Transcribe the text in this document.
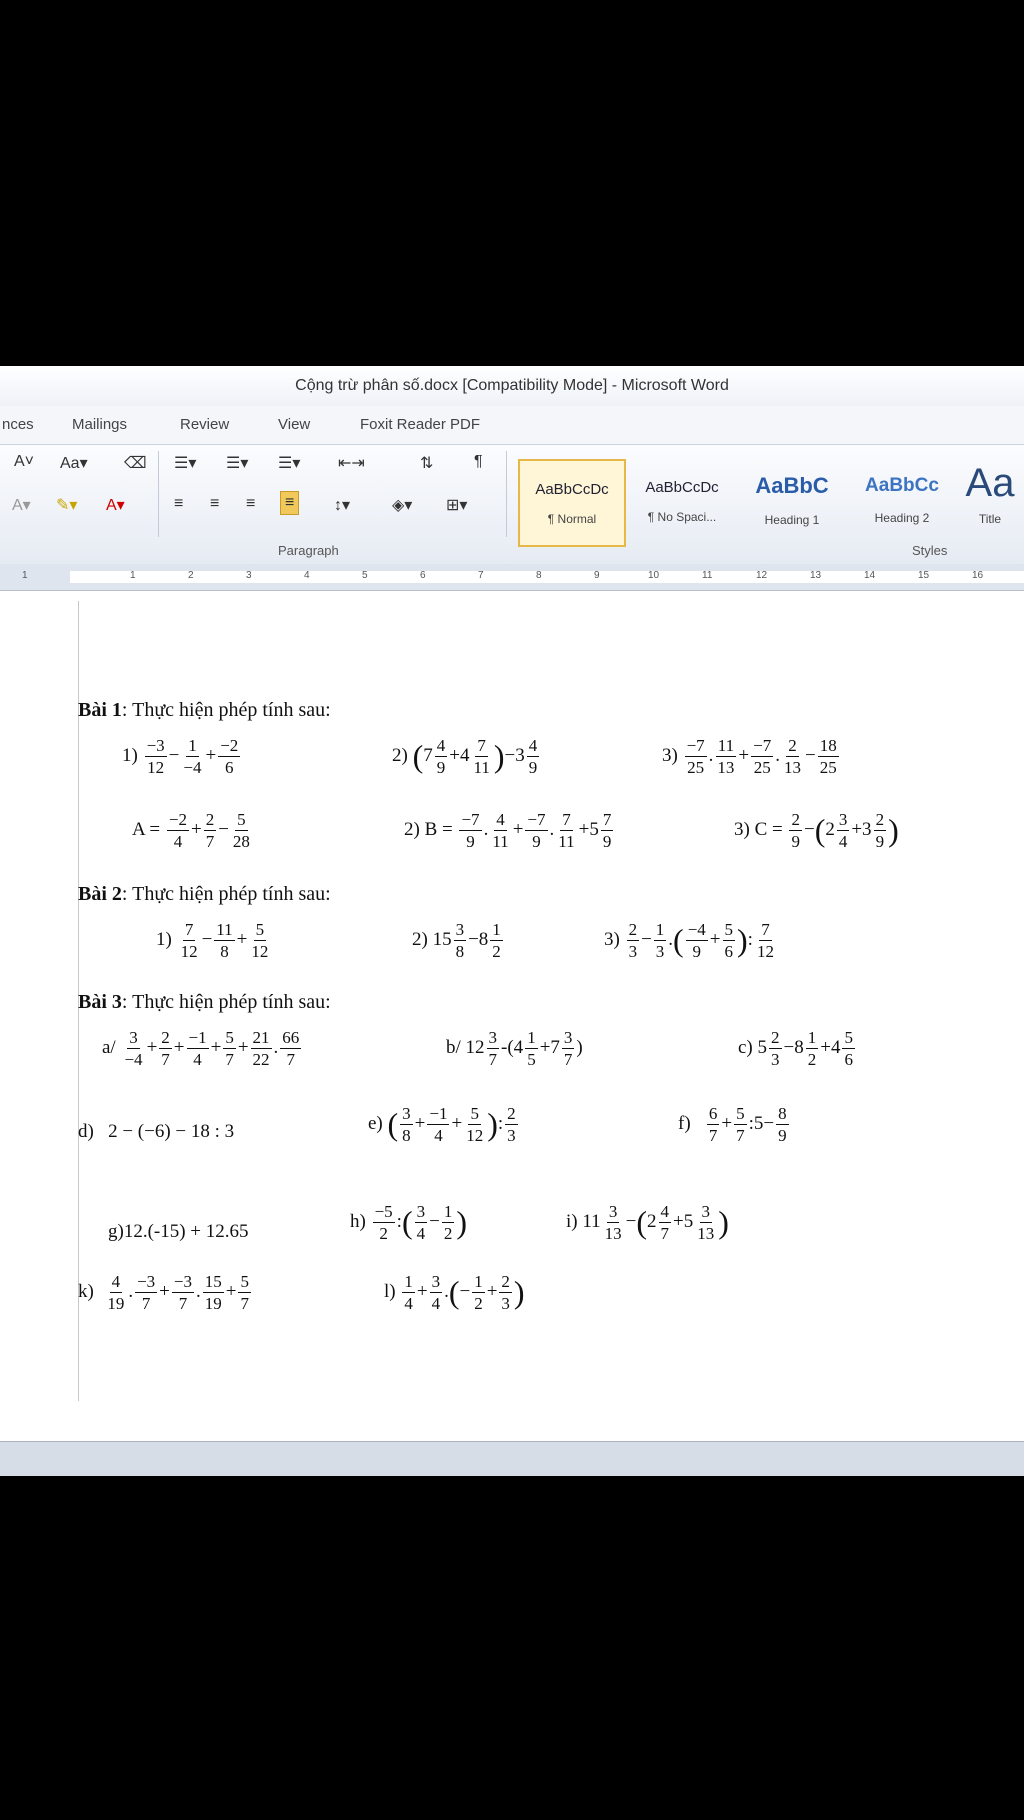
Cộng trừ phân số.docx [Compatibility Mode] - Microsoft Word
nces	Mailings	Review	View	Foxit Reader PDF
A˅ Aa▾ ⌫
A▾ ✎▾ A▾
☰▾ ☰▾ ☰▾ ⇤⇥	⇅	¶
≡ ≡ ≡	≡	↕▾	◈▾ ⊞▾
Paragraph
AaBbCcDc
¶ Normal
AaBbCcDc
¶ No Spaci...
AaBbC
Heading 1
AaBbCc
Heading 2
Aa
Title
Styles
1	1	2	3	4	5	6	7	8	9	10	11	12	13	14	15	16
Bài 1: Thực hiện phép tính sau:
$1) \frac{-3}{12} - \frac{1}{-4} + \frac{-2}{6}$	2) $(7 \frac{4}{9} +4 \frac{7}{11} )-3 \frac{4}{9}$	$3) \frac{-7}{25}$ . $\frac{11}{13} + \frac{-7}{25}$ . $\frac{2}{13} - \frac{18}{25}$
$A = \frac{-2}{4} + \frac{2}{7} - \frac{5}{28}$	2) $B = \frac{-7}{9}$ . $\frac{4}{11} + \frac{-7}{9}$ . $\frac{7}{11} +5 \frac{7}{9}$	3) $C = \frac{2}{9} -(2 \frac{3}{4} +3 \frac{2}{9}$ )
Bài 2: Thực hiện phép tính sau:
$1) \frac{7}{12} - \frac{11}{8} + \frac{5}{12}$	2) $15 \frac{3}{8} -8 \frac{1}{2}$	$3) \frac{2}{3} - \frac{1}{3}$ .( $\frac{-4}{9} + \frac{5}{6}$ ): $\frac{7}{12}$
Bài 3: Thực hiện phép tính sau:
$a/ \frac{3}{-4} + \frac{2}{7} + \frac{-1}{4} + \frac{5}{7} + \frac{21}{22}$ . $\frac{66}{7}$	b/ $12 \frac{3}{7} -(4 \frac{1}{5} +7 \frac{3}{7}$ )	c) $5 \frac{2}{3} -8 \frac{1}{2} +4 \frac{5}{6}$
d) 2 − (−6) − 18 : 3	e) ( $\frac{3}{8} + \frac{-1}{4} + \frac{5}{12}$ ): $\frac{2}{3}$	$f) \frac{6}{7} + \frac{5}{7}$ :5− $\frac{8}{9}$
g)12.(-15) + 12.65	$h) \frac{-5}{2}$ :( $\frac{3}{4} - \frac{1}{2}$ )	i) $11 \frac{3}{13} -(2 \frac{4}{7} +5 \frac{3}{13}$ )
$k) \frac{4}{19}$ . $\frac{-3}{7} + \frac{-3}{7}$ . $\frac{15}{19} + \frac{5}{7}$	$l) \frac{1}{4} + \frac{3}{4}$ .(− $\frac{1}{2} + \frac{2}{3}$ )
